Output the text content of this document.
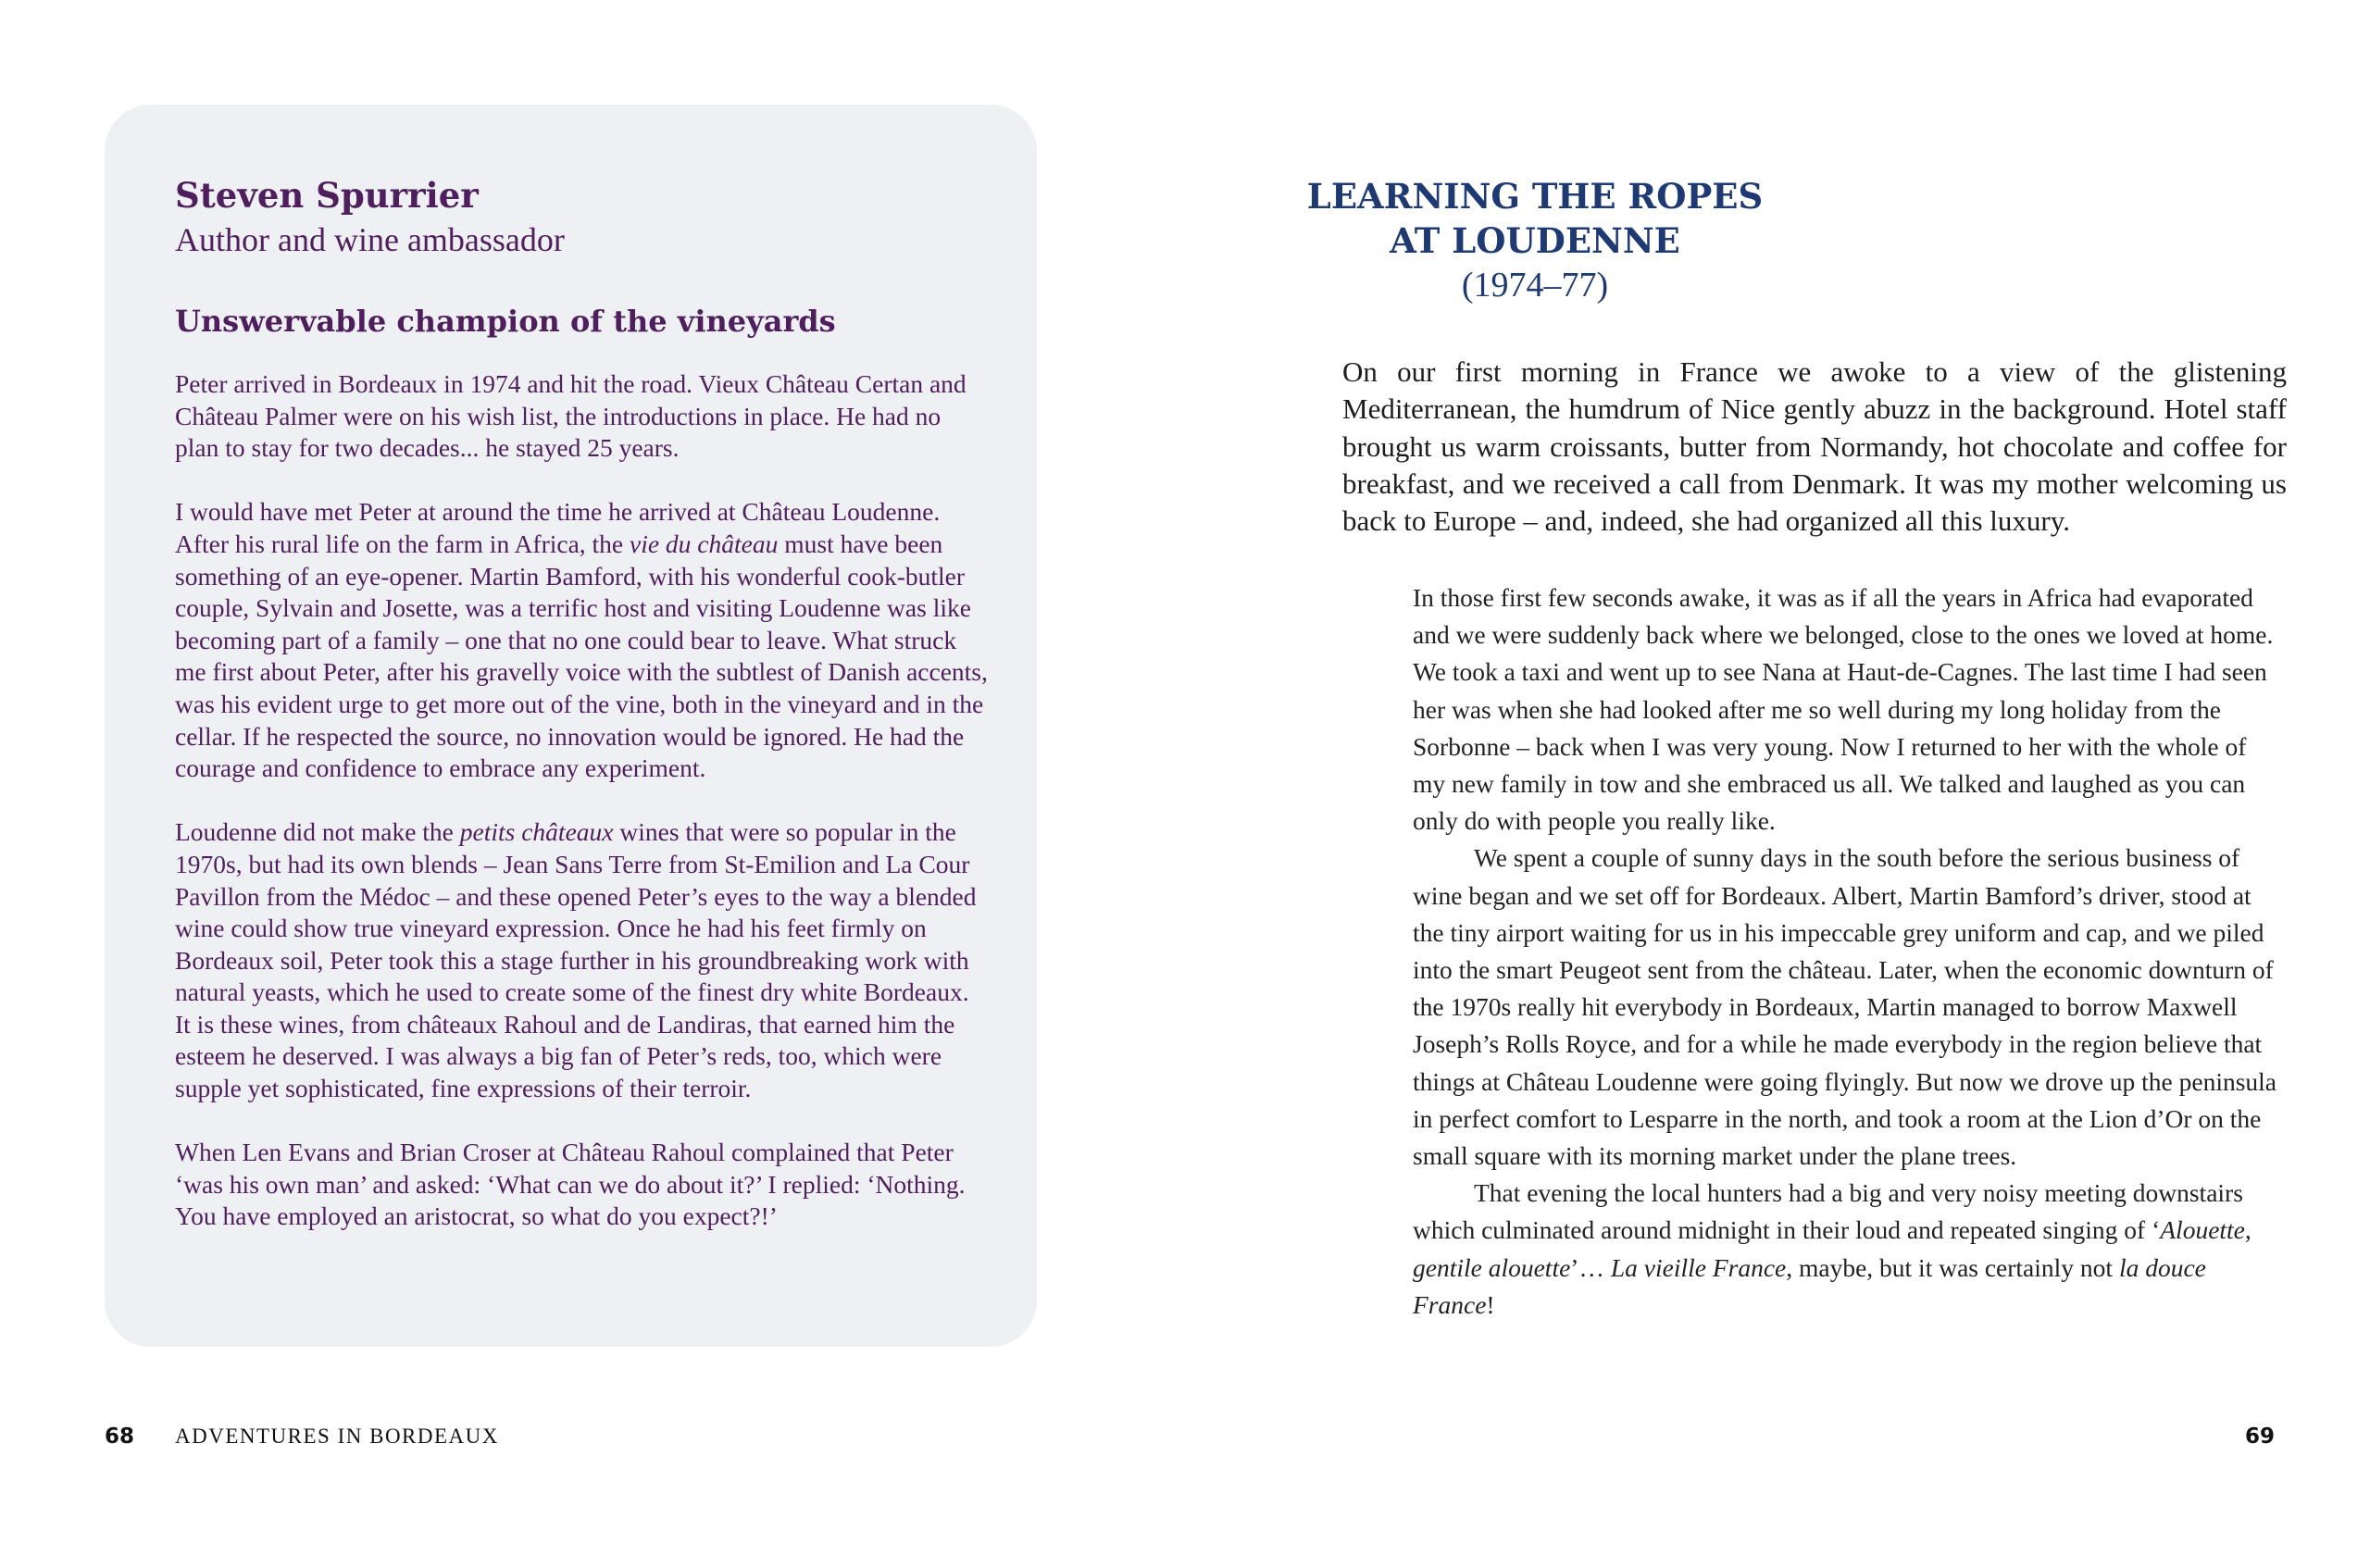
Steven Spurrier
Author and wine ambassador
Unswervable champion of the vineyards

Peter arrived in Bordeaux in 1974 and hit the road. Vieux Château Certan and Château Palmer were on his wish list, the introductions in place. He had no plan to stay for two decades... he stayed 25 years.

I would have met Peter at around the time he arrived at Château Loudenne. After his rural life on the farm in Africa, the vie du château must have been something of an eye-opener. Martin Bamford, with his wonderful cook-butler couple, Sylvain and Josette, was a terrific host and visiting Loudenne was like becoming part of a family – one that no one could bear to leave. What struck me first about Peter, after his gravelly voice with the subtlest of Danish accents, was his evident urge to get more out of the vine, both in the vineyard and in the cellar. If he respected the source, no innovation would be ignored. He had the courage and confidence to embrace any experiment.

Loudenne did not make the petits châteaux wines that were so popular in the 1970s, but had its own blends – Jean Sans Terre from St-Emilion and La Cour Pavillon from the Médoc – and these opened Peter’s eyes to the way a blended wine could show true vineyard expression. Once he had his feet firmly on Bordeaux soil, Peter took this a stage further in his groundbreaking work with natural yeasts, which he used to create some of the finest dry white Bordeaux. It is these wines, from châteaux Rahoul and de Landiras, that earned him the esteem he deserved. I was always a big fan of Peter’s reds, too, which were supple yet sophisticated, fine expressions of their terroir.

When Len Evans and Brian Croser at Château Rahoul complained that Peter ‘was his own man’ and asked: ‘What can we do about it?’ I replied: ‘Nothing. You have employed an aristocrat, so what do you expect?!’

68 ADVENTURES IN BORDEAUX
LEARNING THE ROPES
AT LOUDENNE
(1974–77)

On our first morning in France we awoke to a view of the glistening Mediterranean, the humdrum of Nice gently abuzz in the background. Hotel staff brought us warm croissants, butter from Normandy, hot chocolate and coffee for breakfast, and we received a call from Denmark. It was my mother welcoming us back to Europe – and, indeed, she had organized all this luxury.

In those first few seconds awake, it was as if all the years in Africa had evaporated and we were suddenly back where we belonged, close to the ones we loved at home. We took a taxi and went up to see Nana at Haut-de-Cagnes. The last time I had seen her was when she had looked after me so well during my long holiday from the Sorbonne – back when I was very young. Now I returned to her with the whole of my new family in tow and she embraced us all. We talked and laughed as you can only do with people you really like.

We spent a couple of sunny days in the south before the serious business of wine began and we set off for Bordeaux. Albert, Martin Bamford’s driver, stood at the tiny airport waiting for us in his impeccable grey uniform and cap, and we piled into the smart Peugeot sent from the château. Later, when the economic downturn of the 1970s really hit everybody in Bordeaux, Martin managed to borrow Maxwell Joseph’s Rolls Royce, and for a while he made everybody in the region believe that things at Château Loudenne were going flyingly. But now we drove up the peninsula in perfect comfort to Lesparre in the north, and took a room at the Lion d’Or on the small square with its morning market under the plane trees.

That evening the local hunters had a big and very noisy meeting downstairs which culminated around midnight in their loud and repeated singing of ‘Alouette, gentile alouette’… La vieille France, maybe, but it was certainly not la douce France!

69
